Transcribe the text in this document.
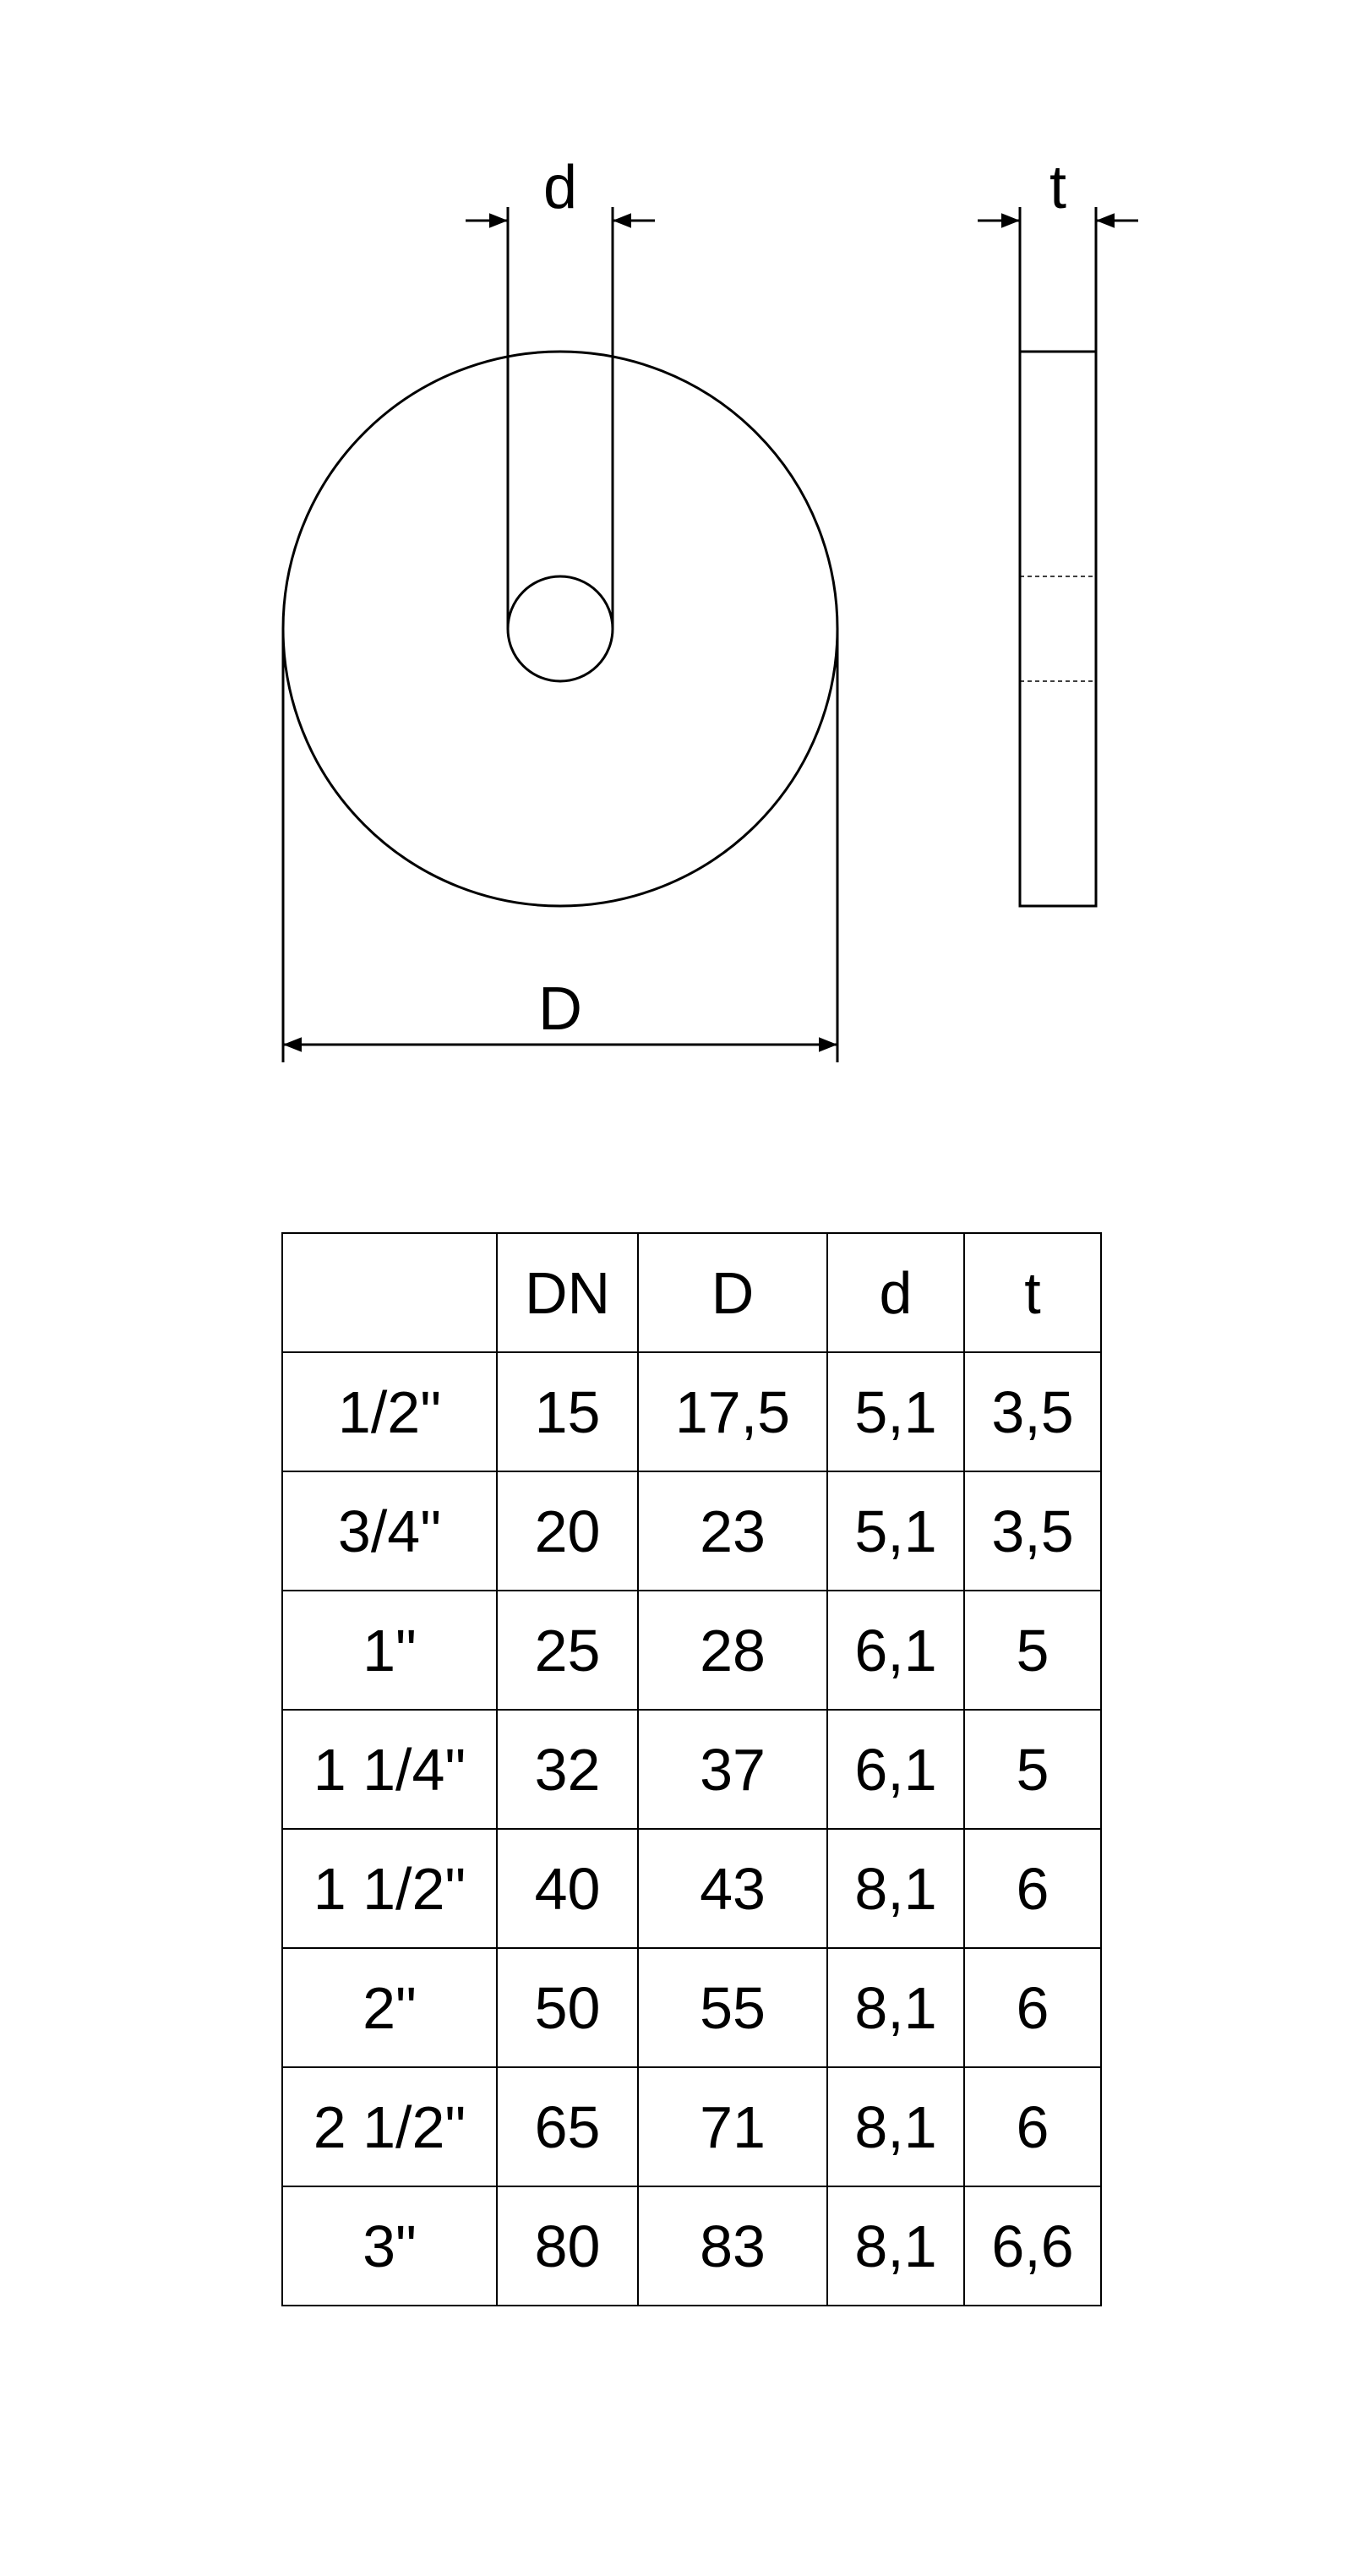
d
D
t
	DN	D	d	t
1/2"	15	17,5	5,1	3,5
3/4"	20	23	5,1	3,5
1"	25	28	6,1	5
1 1/4"	32	37	6,1	5
1 1/2"	40	43	8,1	6
2"	50	55	8,1	6
2 1/2"	65	71	8,1	6
3"	80	83	8,1	6,6
